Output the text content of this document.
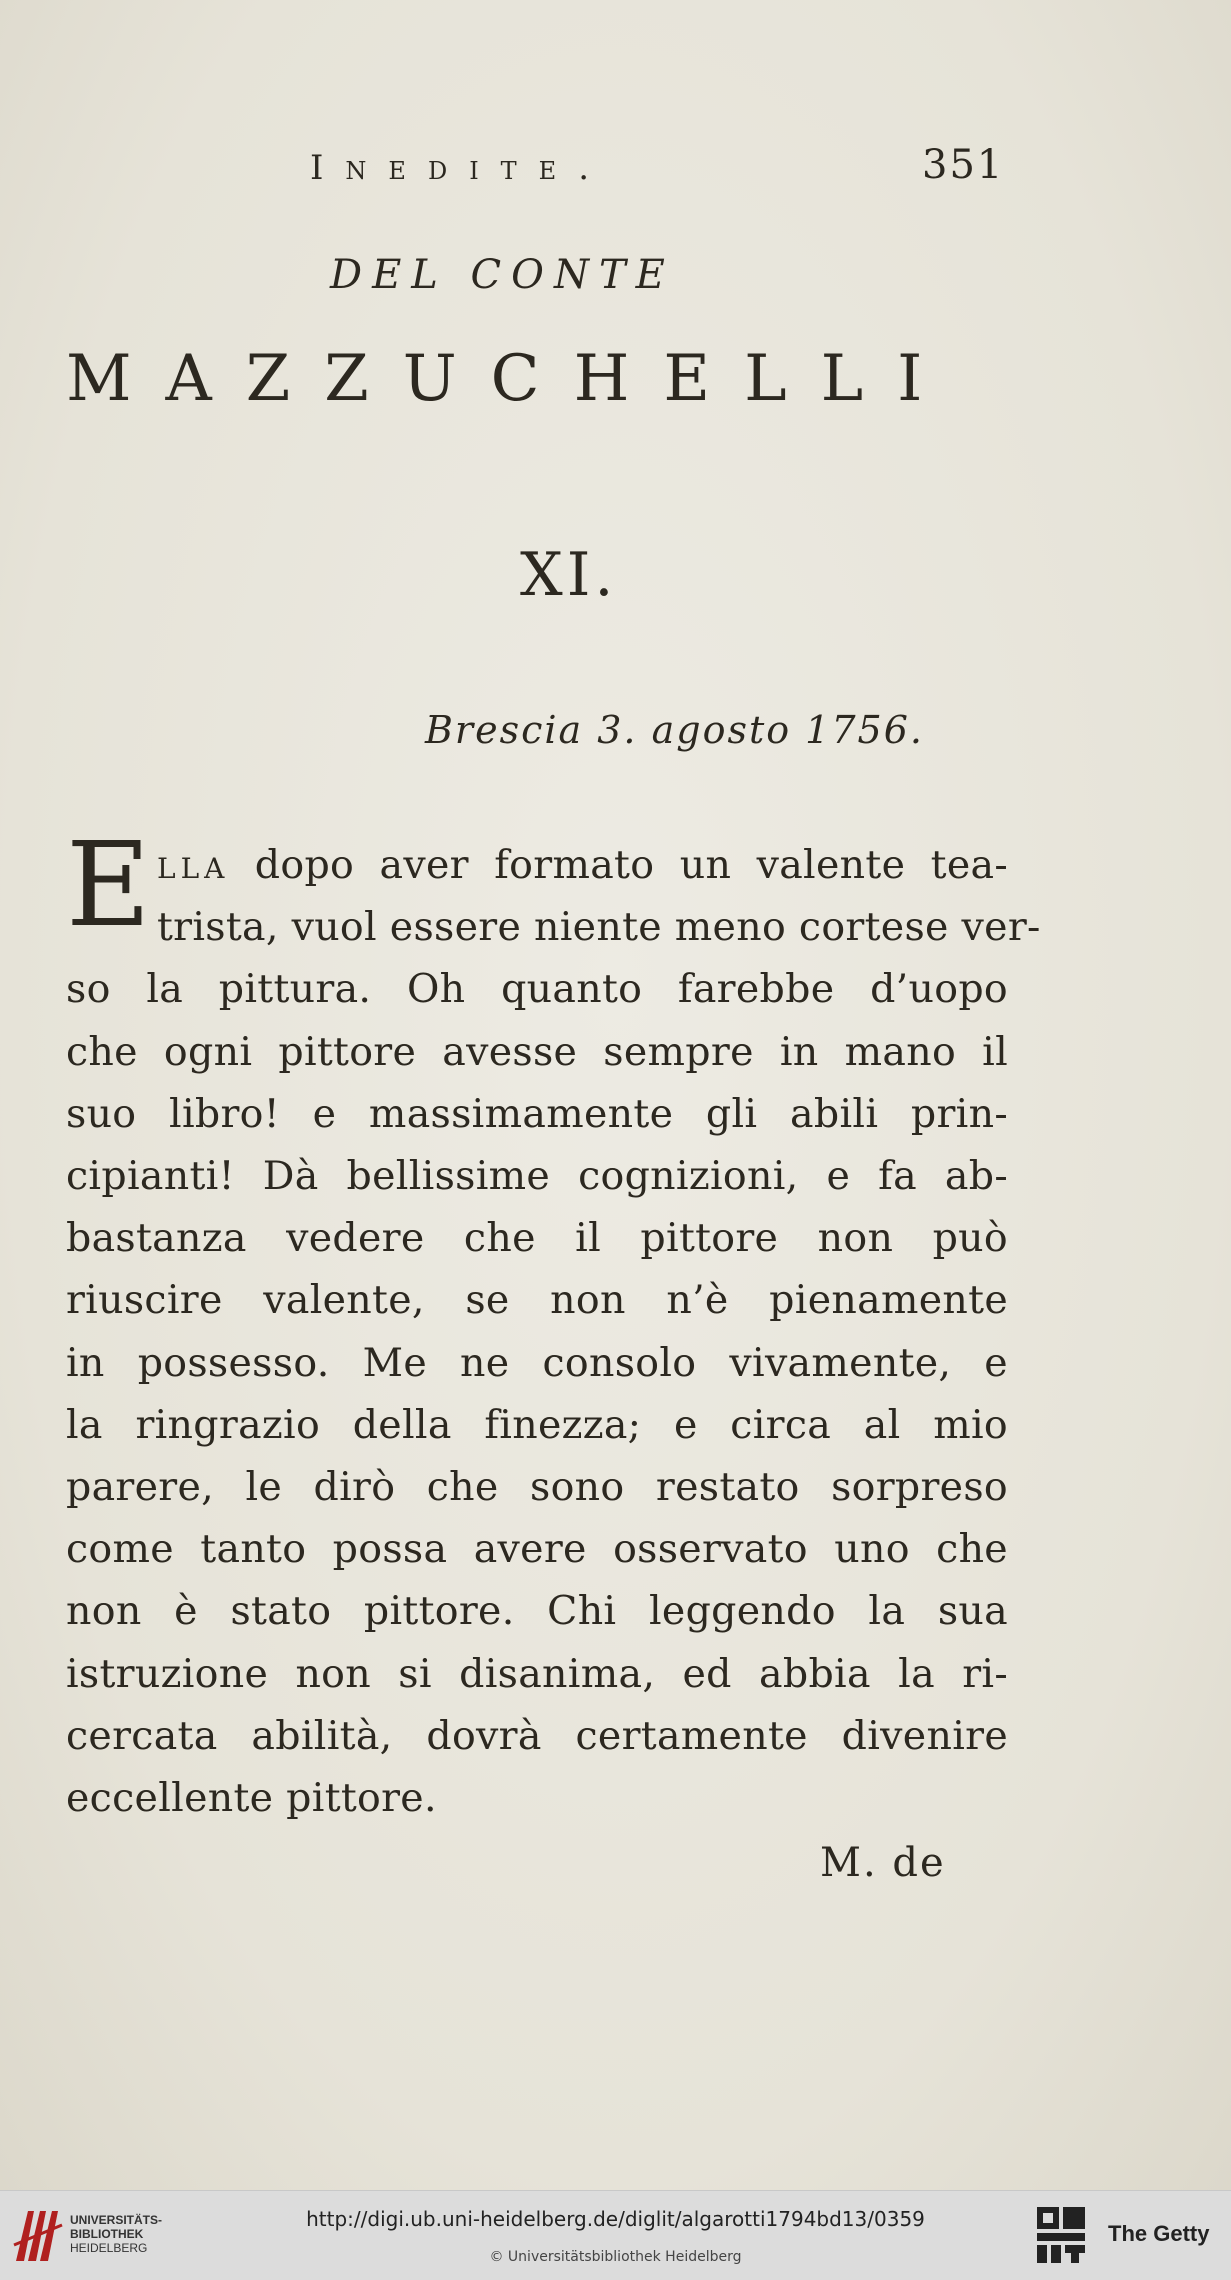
Inedite.	351
DEL CONTE
MAZZUCHELLI
XI.
Brescia 3. agosto 1756.
E lla dopo aver formato un valente tea-
trista, vuol essere niente meno cortese ver-
so la pittura. Oh quanto farebbe d’uopo
che ogni pittore avesse sempre in mano il
suo libro! e massimamente gli abili prin-
cipianti! Dà bellissime cognizioni, e fa ab-
bastanza vedere che il pittore non può
riuscire valente, se non n’è pienamente
in possesso. Me ne consolo vivamente, e
la ringrazio della finezza; e circa al mio
parere, le dirò che sono restato sorpreso
come tanto possa avere osservato uno che
non è stato pittore. Chi leggendo la sua
istruzione non si disanima, ed abbia la ri-
cercata abilità, dovrà certamente divenire
eccellente pittore.
M. de
UNIVERSITÄTS-
BIBLIOTHEK
HEIDELBERG
http://digi.ub.uni-heidelberg.de/diglit/algarotti1794bd13/0359
© Universitätsbibliothek Heidelberg
The Getty
